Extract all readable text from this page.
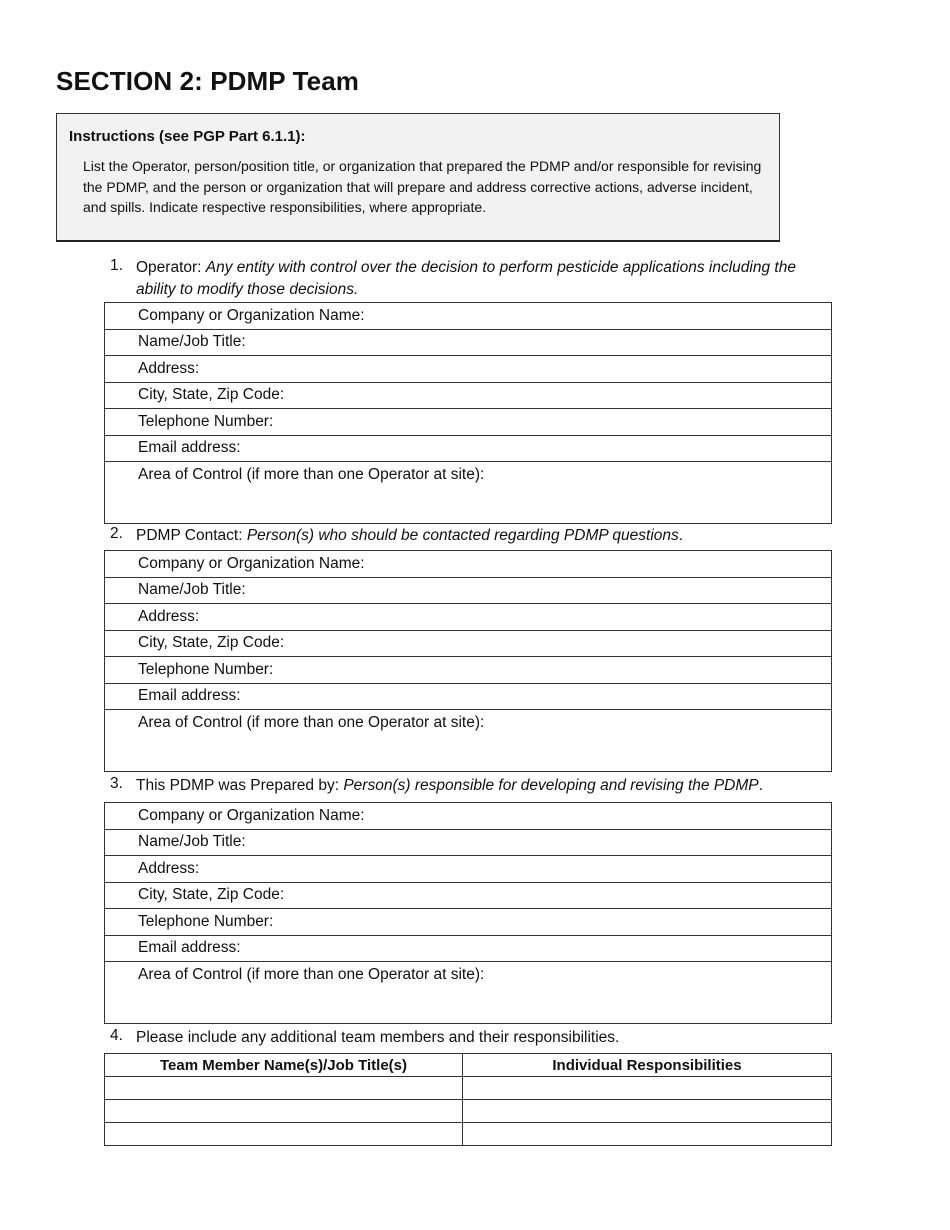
SECTION 2: PDMP Team
Instructions (see PGP Part 6.1.1):
List the Operator, person/position title, or organization that prepared the PDMP and/or responsible for revising the PDMP, and the person or organization that will prepare and address corrective actions, adverse incident, and spills. Indicate respective responsibilities, where appropriate.
1. Operator: Any entity with control over the decision to perform pesticide applications including the ability to modify those decisions.
Company or Organization Name:
Name/Job Title:
Address:
City, State, Zip Code:
Telephone Number:
Email address:
Area of Control (if more than one Operator at site):
2. PDMP Contact: Person(s) who should be contacted regarding PDMP questions.
Company or Organization Name:
Name/Job Title:
Address:
City, State, Zip Code:
Telephone Number:
Email address:
Area of Control (if more than one Operator at site):
3. This PDMP was Prepared by: Person(s) responsible for developing and revising the PDMP.
Company or Organization Name:
Name/Job Title:
Address:
City, State, Zip Code:
Telephone Number:
Email address:
Area of Control (if more than one Operator at site):
4. Please include any additional team members and their responsibilities.
Team Member Name(s)/Job Title(s)	Individual Responsibilities
